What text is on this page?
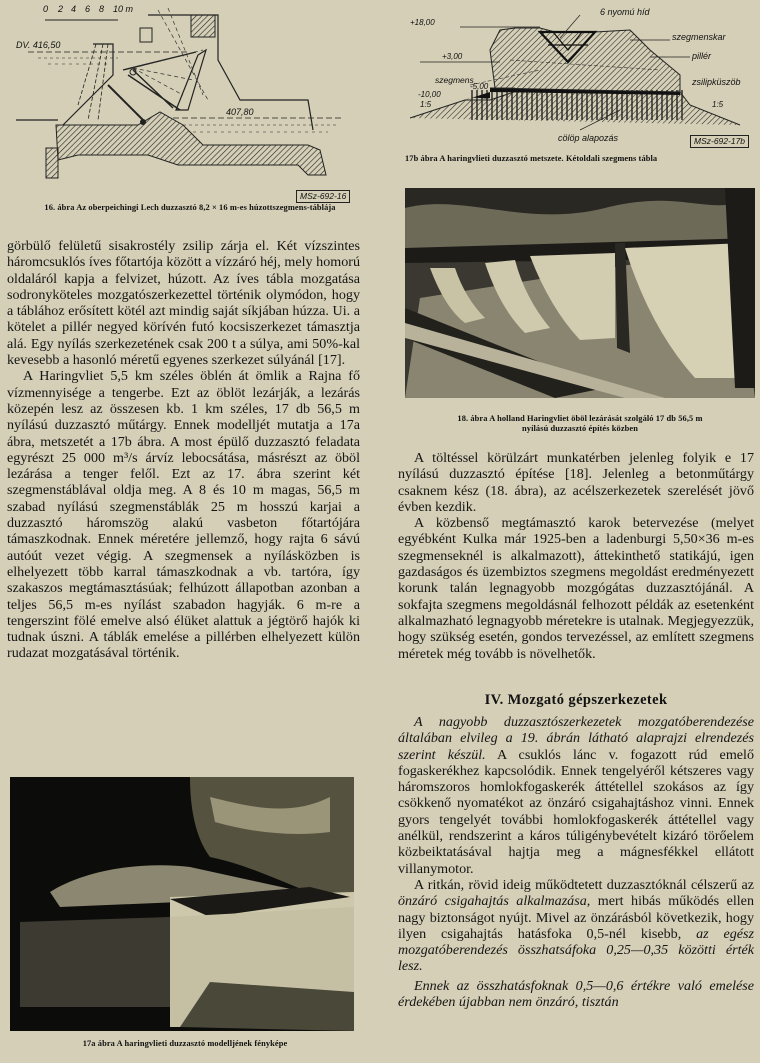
0 2 4 6 8 10 m
DV. 416,50
407,80
MSz-692-16
16. ábra Az oberpeichingi Lech duzzasztó 8,2 × 16 m-es húzottszegmens-táblája
6 nyomú híd
+18,00
szegmenskar
pillér
+3,00
szegmens
-5,00	zsilipküszöb
-10,00
1:5	1:5
cölöp alapozás	MSz-692-17b
17b ábra A haringvlieti duzzasztó metszete. Kétoldali szegmens tábla
18. ábra A holland Haringvliet öböl lezárását szolgáló 17 db 56,5 m
nyílású duzzasztó építés közben

görbülő felületű sisakrostély zsilip zárja el. Két vízszintes háromcsuklós íves főtartója között a vízzáró héj, mely homorú oldaláról kapja a felvizet, húzott. Az íves tábla mozgatása sodronyköteles mozgatószerkezettel történik olymódon, hogy a táblához erősített kötél azt mindig saját síkjában húzza. Ui. a kötelet a pillér negyed körívén futó kocsiszerkezet támasztja alá. Egy nyílás szerkezetének csak 200 t a súlya, ami 50%-kal kevesebb a hasonló méretű egyenes szerkezet súlyánál [17].

A Haringvliet 5,5 km széles öblén át ömlik a Rajna fő vízmennyisége a tengerbe. Ezt az öblöt lezárják, a lezárás közepén lesz az összesen kb. 1 km széles, 17 db 56,5 m nyílású duzzasztó műtárgy. Ennek modelljét mutatja a 17a ábra, metszetét a 17b ábra. A most épülő duzzasztó feladata egyrészt 25 000 m³/s árvíz lebocsátása, másrészt az öböl lezárása a tenger felől. Ezt az 17. ábra szerint két szegmenstáblával oldja meg. A 8 és 10 m magas, 56,5 m szabad nyílású szegmenstáblák 25 m hosszú karjai a duzzasztó háromszög alakú vasbeton főtartójára támaszkodnak. Ennek méretére jellemző, hogy rajta 6 sávú autóút vezet végig. A szegmensek a nyílásközben is elhelyezett több karral támaszkodnak a vb. tartóra, így szakaszos megtámasztásúak; felhúzott állapotban azonban a teljes 56,5 m-es nyílást szabadon hagyják. 6 m-re a tengerszint fölé emelve alsó élüket alattuk a jégtörő hajók ki tudnak úszni. A táblák emelése a pillérben elhelyezett külön rudazat mozgatásával történik.

17a ábra A haringvlieti duzzasztó modelljének fényképe

A töltéssel körülzárt munkatérben jelenleg folyik e 17 nyílású duzzasztó építése [18]. Jelenleg a betonműtárgy csaknem kész (18. ábra), az acélszerkezetek szerelését jövő évben kezdik.

A közbenső megtámasztó karok betervezése (melyet egyébként Kulka már 1925-ben a ladenburgi 5,50×36 m-es szegmenseknél is alkalmazott), áttekinthető statikájú, igen gazdaságos és üzembiztos szegmens megoldást eredményezett korunk talán legnagyobb mozgógátas duzzasztójánál. A sokfajta szegmens megoldásnál felhozott példák az esetenként alkalmazható legnagyobb méretekre is utalnak. Megjegyezzük, hogy szükség esetén, gondos tervezéssel, az említett szegmens méretek még tovább is növelhetők.

IV. Mozgató gépszerkezetek

A nagyobb duzzasztószerkezetek mozgatóberendezése általában elvileg a 19. ábrán látható alaprajzi elrendezés szerint készül. A csuklós lánc v. fogazott rúd emelő fogaskerékhez kapcsolódik. Ennek tengelyéről kétszeres vagy háromszoros homlokfogaskerék áttétellel szokásos az így csökkenő nyomatékot az önzáró csigahajtáshoz vinni. Ennek gyors tengelyét további homlokfogaskerék áttétellel vagy anélkül, rendszerint a káros túligénybevételt kizáró törőelem közbeiktatásával hajtja meg a mágnesfékkel ellátott villanymotor.

A ritkán, rövid ideig működtetett duzzasztóknál célszerű az önzáró csigahajtás alkalmazása, mert hibás működés ellen nagy biztonságot nyújt. Mivel az önzárásból következik, hogy ilyen csigahajtás hatásfoka 0,5-nél kisebb, az egész mozgatóberendezés összhatsáfoka 0,25—0,35 közötti érték lesz.

Ennek az összhatásfoknak 0,5—0,6 értékre való emelése érdekében újabban nem önzáró, tisztán
